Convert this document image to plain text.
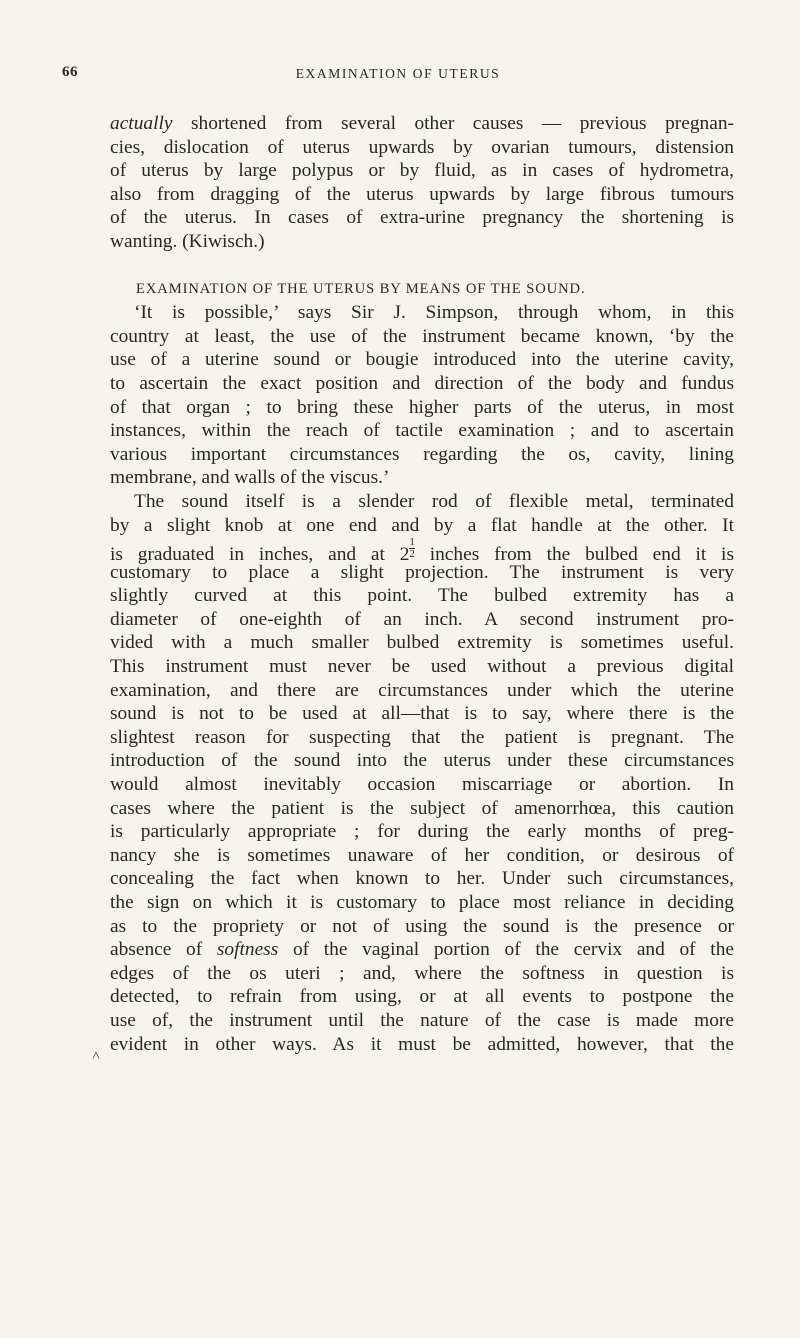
66	EXAMINATION OF UTERUS
actually shortened from several other causes — previous pregnan-
cies, dislocation of uterus upwards by ovarian tumours, distension
of uterus by large polypus or by fluid, as in cases of hydrometra,
also from dragging of the uterus upwards by large fibrous tumours
of the uterus. In cases of extra-urine pregnancy the shortening is
wanting. (Kiwisch.)
EXAMINATION OF THE UTERUS BY MEANS OF THE SOUND.
‘It is possible,’ says Sir J. Simpson, through whom, in this
country at least, the use of the instrument became known, ‘by the
use of a uterine sound or bougie introduced into the uterine cavity,
to ascertain the exact position and direction of the body and fundus
of that organ ; to bring these higher parts of the uterus, in most
instances, within the reach of tactile examination ; and to ascertain
various important circumstances regarding the os, cavity, lining
membrane, and walls of the viscus.’
The sound itself is a slender rod of flexible metal, terminated
by a slight knob at one end and by a flat handle at the other. It
is graduated in inches, and at $2 \frac{1}{2}$ inches from the bulbed end it is
customary to place a slight projection. The instrument is very
slightly curved at this point. The bulbed extremity has a
diameter of one-eighth of an inch. A second instrument pro-
vided with a much smaller bulbed extremity is sometimes useful.
This instrument must never be used without a previous digital
examination, and there are circumstances under which the uterine
sound is not to be used at all—that is to say, where there is the
slightest reason for suspecting that the patient is pregnant. The
introduction of the sound into the uterus under these circumstances
would almost inevitably occasion miscarriage or abortion. In
cases where the patient is the subject of amenorrhœa, this caution
is particularly appropriate ; for during the early months of preg-
nancy she is sometimes unaware of her condition, or desirous of
concealing the fact when known to her. Under such circumstances,
the sign on which it is customary to place most reliance in deciding
as to the propriety or not of using the sound is the presence or
absence of softness of the vaginal portion of the cervix and of the
edges of the os uteri ; and, where the softness in question is
detected, to refrain from using, or at all events to postpone the
use of, the instrument until the nature of the case is made more
evident in other ways. As it must be admitted, however, that the
˄
